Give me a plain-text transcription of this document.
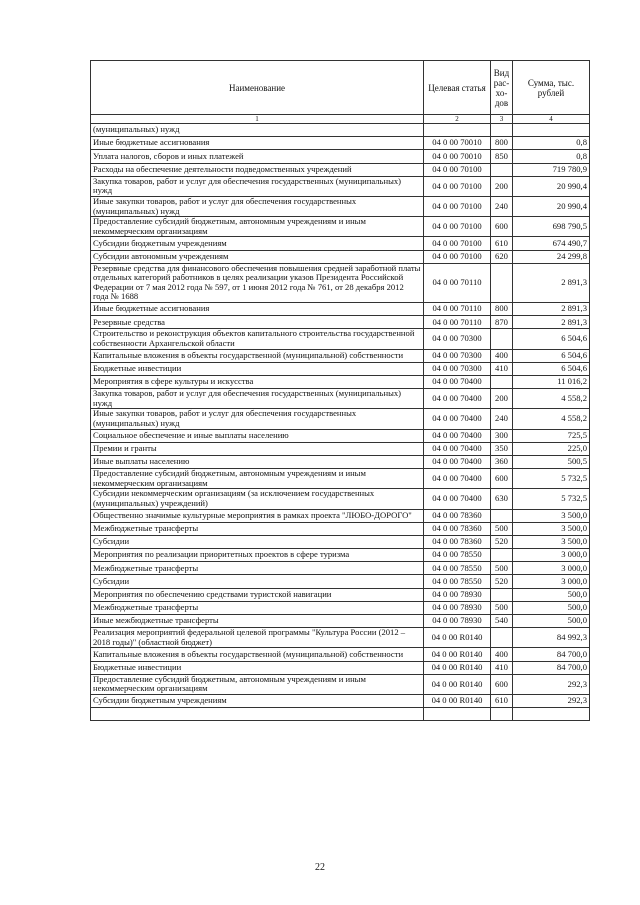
Наименование	Целевая статья	Вид рас-хо-дов	Сумма, тыс. рублей
1	2	3	4
(муниципальных) нужд			
Иные бюджетные ассигнования	04 0 00 70010	800	0,8
Уплата налогов, сборов и иных платежей	04 0 00 70010	850	0,8
Расходы на обеспечение деятельности подведомственных учреждений	04 0 00 70100		719 780,9
Закупка товаров, работ и услуг для обеспечения государственных (муниципальных) нужд	04 0 00 70100	200	20 990,4
Иные закупки товаров, работ и услуг для обеспечения государственных (муниципальных) нужд	04 0 00 70100	240	20 990,4
Предоставление субсидий бюджетным, автономным учреждениям и иным некоммерческим организациям	04 0 00 70100	600	698 790,5
Субсидии бюджетным учреждениям	04 0 00 70100	610	674 490,7
Субсидии автономным учреждениям	04 0 00 70100	620	24 299,8
Резервные средства для финансового обеспечения повышения средней заработной платы отдельных категорий работников в целях реализации указов Президента Российской Федерации от 7 мая 2012 года № 597, от 1 июня 2012 года № 761, от 28 декабря 2012 года № 1688	04 0 00 70110		2 891,3
Иные бюджетные ассигнования	04 0 00 70110	800	2 891,3
Резервные средства	04 0 00 70110	870	2 891,3
Строительство и реконструкция объектов капитального строительства государственной собственности Архангельской области	04 0 00 70300		6 504,6
Капитальные вложения в объекты государственной (муниципальной) собственности	04 0 00 70300	400	6 504,6
Бюджетные инвестиции	04 0 00 70300	410	6 504,6
Мероприятия в сфере культуры и искусства	04 0 00 70400		11 016,2
Закупка товаров, работ и услуг для обеспечения государственных (муниципальных) нужд	04 0 00 70400	200	4 558,2
Иные закупки товаров, работ и услуг для обеспечения государственных (муниципальных) нужд	04 0 00 70400	240	4 558,2
Социальное обеспечение и иные выплаты населению	04 0 00 70400	300	725,5
Премии и гранты	04 0 00 70400	350	225,0
Иные выплаты населению	04 0 00 70400	360	500,5
Предоставление субсидий бюджетным, автономным учреждениям и иным некоммерческим организациям	04 0 00 70400	600	5 732,5
Субсидии некоммерческим организациям (за исключением государственных (муниципальных) учреждений)	04 0 00 70400	630	5 732,5
Общественно значимые культурные мероприятия в рамках проекта "ЛЮБО-ДОРОГО"	04 0 00 78360		3 500,0
Межбюджетные трансферты	04 0 00 78360	500	3 500,0
Субсидии	04 0 00 78360	520	3 500,0
Мероприятия по реализации приоритетных проектов в сфере туризма	04 0 00 78550		3 000,0
Межбюджетные трансферты	04 0 00 78550	500	3 000,0
Субсидии	04 0 00 78550	520	3 000,0
Мероприятия по обеспечению средствами туристской навигации	04 0 00 78930		500,0
Межбюджетные трансферты	04 0 00 78930	500	500,0
Иные межбюджетные трансферты	04 0 00 78930	540	500,0
Реализация мероприятий федеральной целевой программы "Культура России (2012 – 2018 годы)" (областной бюджет)	04 0 00 R0140		84 992,3
Капитальные вложения в объекты государственной (муниципальной) собственности	04 0 00 R0140	400	84 700,0
Бюджетные инвестиции	04 0 00 R0140	410	84 700,0
Предоставление субсидий бюджетным, автономным учреждениям и иным некоммерческим организациям	04 0 00 R0140	600	292,3
Субсидии бюджетным учреждениям	04 0 00 R0140	610	292,3

22
